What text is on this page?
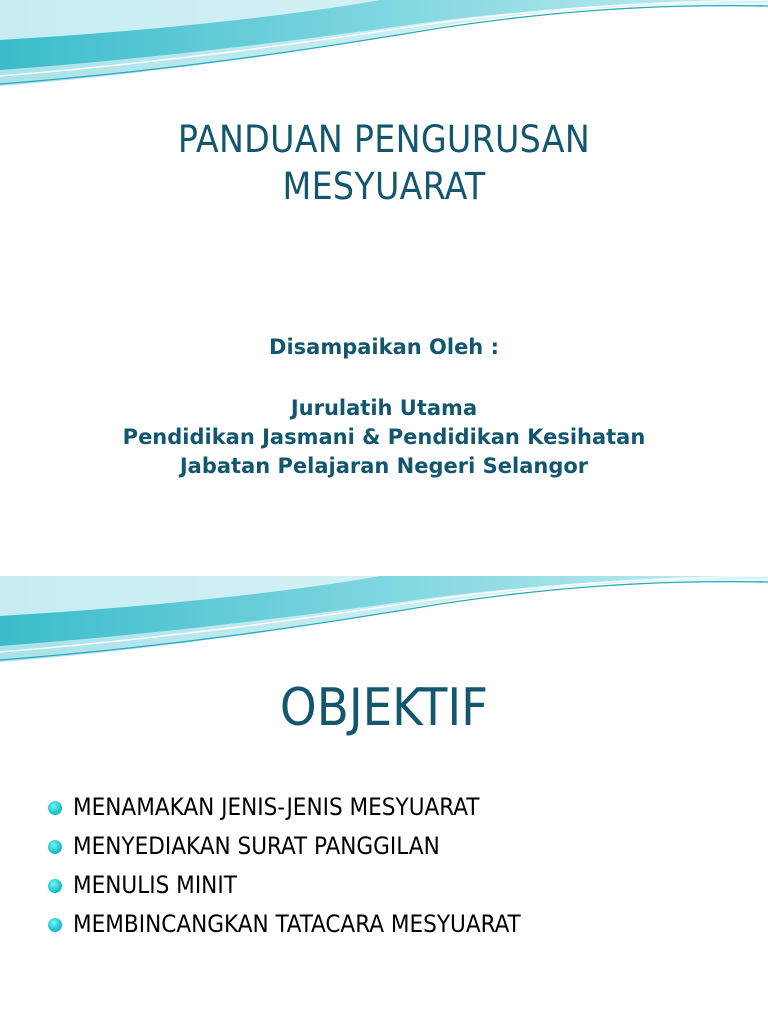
PANDUAN PENGURUSAN
MESYUARAT
Disampaikan Oleh :
Jurulatih Utama
Pendidikan Jasmani & Pendidikan Kesihatan
Jabatan Pelajaran Negeri Selangor
OBJEKTIF
MENAMAKAN JENIS-JENIS MESYUARAT
MENYEDIAKAN SURAT PANGGILAN
MENULIS MINIT
MEMBINCANGKAN TATACARA MESYUARAT
